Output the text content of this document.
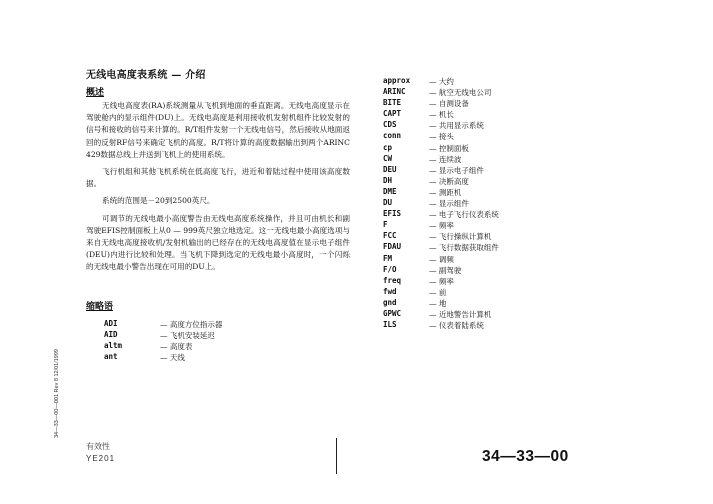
无线电高度表系统 — 介绍
概述

无线电高度表(RA)系统测量从飞机到地面的垂直距离。无线电高度显示在驾驶舱内的显示组件(DU)上。无线电高度是利用接收机发射机组件比较发射的信号和接收的信号来计算的。R/T组件发射一个无线电信号，然后接收从地面返回的反射RF信号来确定飞机的高度。R/T将计算的高度数据输出到两个ARINC 429数据总线上并送到飞机上的使用系统。

飞行机组和其他飞机系统在低高度飞行，进近和着陆过程中使用该高度数据。

系统的范围是－20到2500英尺。

可调节的无线电最小高度警告由无线电高度系统操作，并且可由机长和副驾驶EFIS控制面板上从0 — 999英尺独立地选定。这一无线电最小高度选项与来自无线电高度接收机/发射机输出的已经存在的无线电高度值在显示电子组件(DEU)内进行比较和处理。当飞机下降到选定的无线电最小高度时，一个闪烁的无线电最小警告出现在可用的DU上。

缩略语
ADI	— 高度方位指示器
AID	— 飞机安装延迟
altm	— 高度表
ant	— 天线
approx	— 大约
ARINC	— 航空无线电公司
BITE	— 自测设备
CAPT	— 机长
CDS	— 共用显示系统
conn	— 接头
cp	— 控制面板
CW	— 连续波
DEU	— 显示电子组件
DH	— 决断高度
DME	— 测距机
DU	— 显示组件
EFIS	— 电子飞行仪表系统
F	— 频率
FCC	— 飞行操纵计算机
FDAU	— 飞行数据获取组件
FM	— 调频
F/O	— 副驾驶
freq	— 频率
fwd	— 前
gnd	— 地
GPWC	— 近地警告计算机
ILS	— 仪表着陆系统
34—33—00—001 Rev 8 12/01/1999
有效性
YE201	34—33—00
